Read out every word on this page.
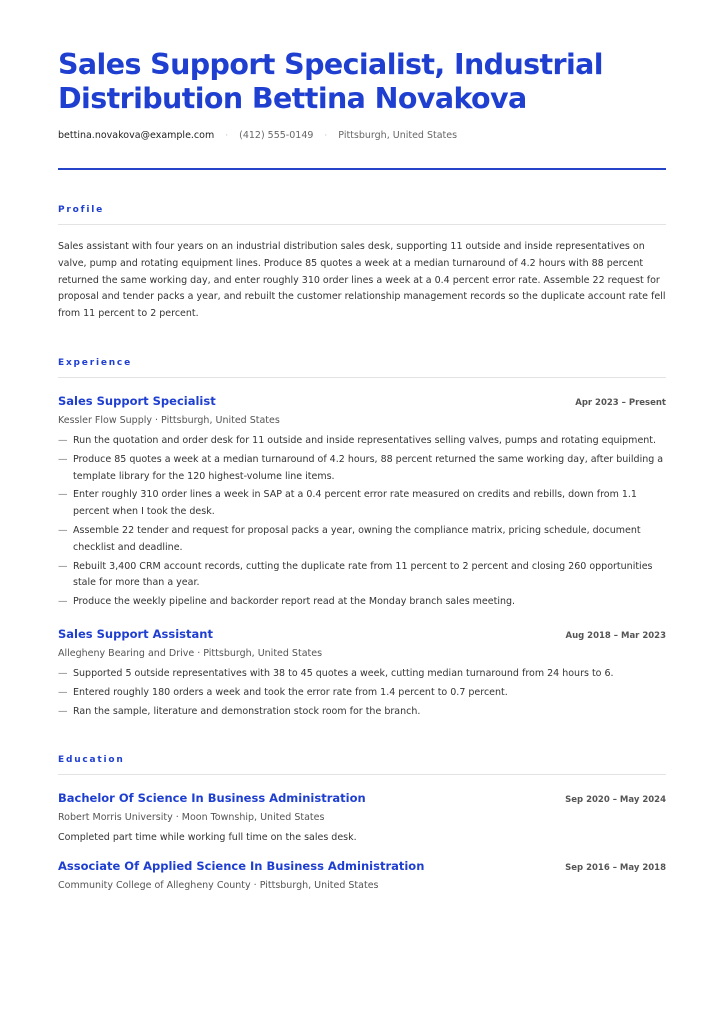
Sales Support Specialist, Industrial Distribution Bettina Novakova
bettina.novakova@example.com · (412) 555-0149 · Pittsburgh, United States
Profile
Sales assistant with four years on an industrial distribution sales desk, supporting 11 outside and inside representatives on valve, pump and rotating equipment lines. Produce 85 quotes a week at a median turnaround of 4.2 hours with 88 percent returned the same working day, and enter roughly 310 order lines a week at a 0.4 percent error rate. Assemble 22 request for proposal and tender packs a year, and rebuilt the customer relationship management records so the duplicate account rate fell from 11 percent to 2 percent.
Experience
Sales Support Specialist	Apr 2023 – Present
Kessler Flow Supply · Pittsburgh, United States
— Run the quotation and order desk for 11 outside and inside representatives selling valves, pumps and rotating equipment.
— Produce 85 quotes a week at a median turnaround of 4.2 hours, 88 percent returned the same working day, after building a template library for the 120 highest-volume line items.
— Enter roughly 310 order lines a week in SAP at a 0.4 percent error rate measured on credits and rebills, down from 1.1 percent when I took the desk.
— Assemble 22 tender and request for proposal packs a year, owning the compliance matrix, pricing schedule, document checklist and deadline.
— Rebuilt 3,400 CRM account records, cutting the duplicate rate from 11 percent to 2 percent and closing 260 opportunities stale for more than a year.
— Produce the weekly pipeline and backorder report read at the Monday branch sales meeting.
Sales Support Assistant	Aug 2018 – Mar 2023
Allegheny Bearing and Drive · Pittsburgh, United States
— Supported 5 outside representatives with 38 to 45 quotes a week, cutting median turnaround from 24 hours to 6.
— Entered roughly 180 orders a week and took the error rate from 1.4 percent to 0.7 percent.
— Ran the sample, literature and demonstration stock room for the branch.
Education
Bachelor Of Science In Business Administration	Sep 2020 – May 2024
Robert Morris University · Moon Township, United States
Completed part time while working full time on the sales desk.
Associate Of Applied Science In Business Administration	Sep 2016 – May 2018
Community College of Allegheny County · Pittsburgh, United States
